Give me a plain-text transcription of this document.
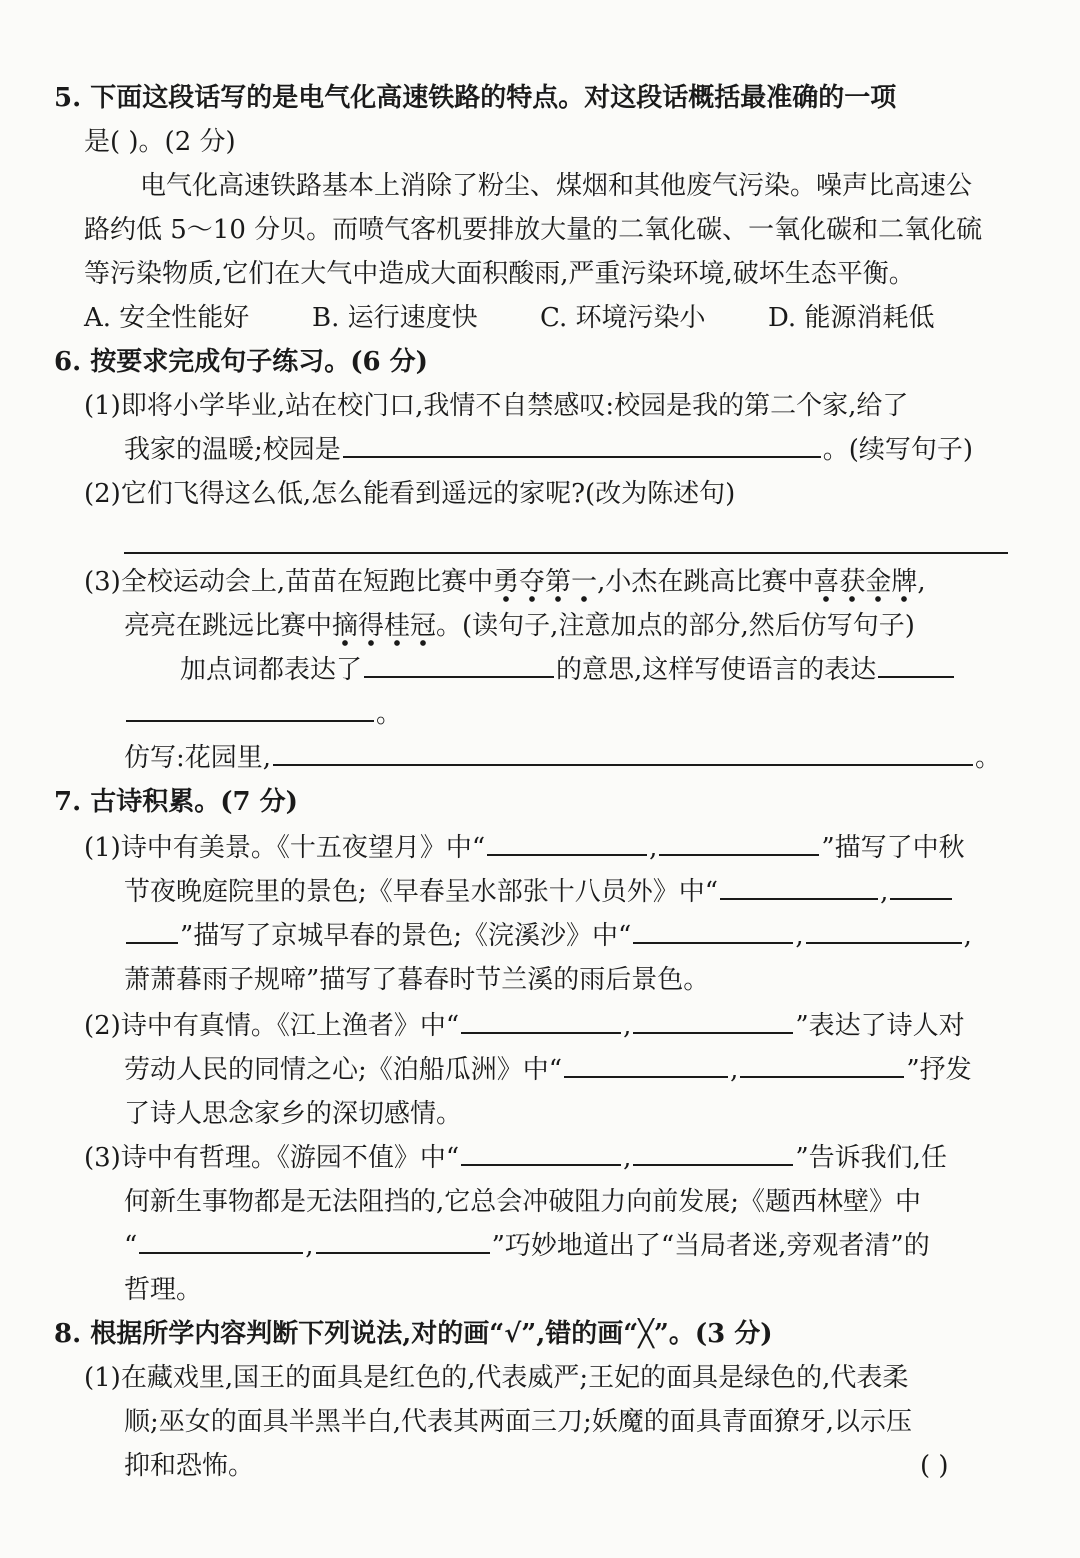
5. 下面这段话写的是电气化高速铁路的特点。对这段话概括最准确的一项
是( )。(2 分)
电气化高速铁路基本上消除了粉尘、煤烟和其他废气污染。噪声比高速公
路约低 5～10 分贝。而喷气客机要排放大量的二氧化碳、一氧化碳和二氧化硫
等污染物质,它们在大气中造成大面积酸雨,严重污染环境,破坏生态平衡。
A. 安全性能好 B. 运行速度快 C. 环境污染小 D. 能源消耗低
6. 按要求完成句子练习。(6 分)
(1)即将小学毕业,站在校门口,我情不自禁感叹:校园是我的第二个家,给了
我家的温暖;校园是	。(续写句子)
(2)它们飞得这么低,怎么能看到遥远的家呢?(改为陈述句)
(3)全校运动会上,苗苗在短跑比赛中勇夺第一,小杰在跳高比赛中喜获金牌,
亮亮在跳远比赛中摘得桂冠。(读句子,注意加点的部分,然后仿写句子)
加点词都表达了	的意思,这样写使语言的表达
。
仿写:花园里,	。
7. 古诗积累。(7 分)
(1)诗中有美景。《十五夜望月》中“	,	”描写了中秋
节夜晚庭院里的景色;《早春呈水部张十八员外》中“	,
”描写了京城早春的景色;《浣溪沙》中“	,	,
萧萧暮雨子规啼”描写了暮春时节兰溪的雨后景色。
(2)诗中有真情。《江上渔者》中“	,	”表达了诗人对
劳动人民的同情之心;《泊船瓜洲》中“	,	”抒发
了诗人思念家乡的深切感情。
(3)诗中有哲理。《游园不值》中“	,	”告诉我们,任
何新生事物都是无法阻挡的,它总会冲破阻力向前发展;《题西林壁》中
“	,	”巧妙地道出了“当局者迷,旁观者清”的
哲理。
8. 根据所学内容判断下列说法,对的画“√”,错的画“╳”。(3 分)
(1)在藏戏里,国王的面具是红色的,代表威严;王妃的面具是绿色的,代表柔
顺;巫女的面具半黑半白,代表其两面三刀;妖魔的面具青面獠牙,以示压
抑和恐怖。	( )
